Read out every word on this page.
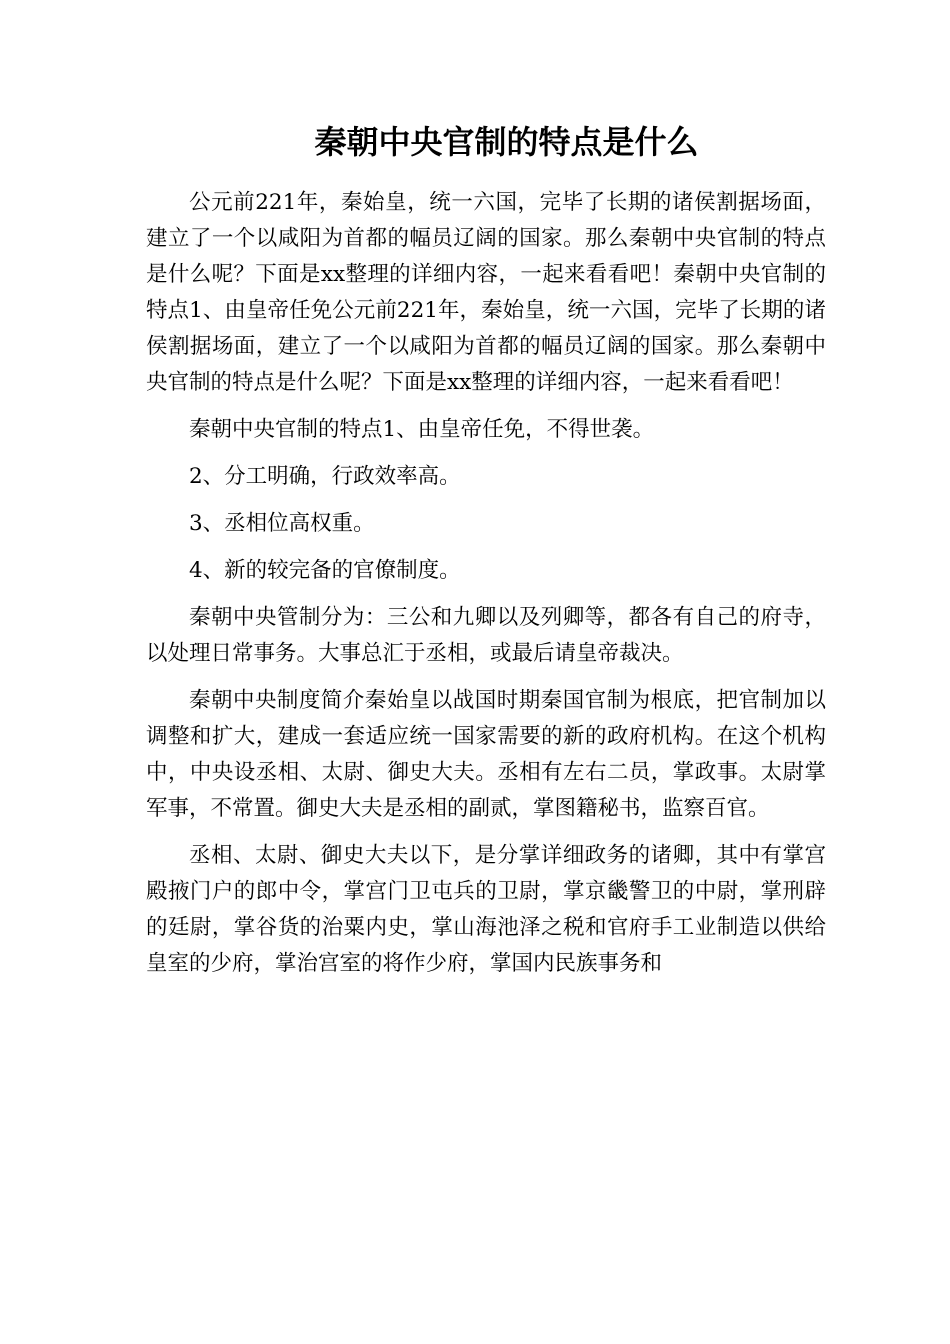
秦朝中央官制的特点是什么

公元前221年，秦始皇，统一六国，完毕了长期的诸侯割据场面，建立了一个以咸阳为首都的幅员辽阔的国家。那么秦朝中央官制的特点是什么呢？下面是xx整理的详细内容，一起来看看吧！秦朝中央官制的特点1、由皇帝任免公元前221年，秦始皇，统一六国，完毕了长期的诸侯割据场面，建立了一个以咸阳为首都的幅员辽阔的国家。那么秦朝中央官制的特点是什么呢？下面是xx整理的详细内容，一起来看看吧！

秦朝中央官制的特点1、由皇帝任免，不得世袭。

2、分工明确，行政效率高。

3、丞相位高权重。

4、新的较完备的官僚制度。

秦朝中央管制分为：三公和九卿以及列卿等，都各有自己的府寺，以处理日常事务。大事总汇于丞相，或最后请皇帝裁决。

秦朝中央制度简介秦始皇以战国时期秦国官制为根底，把官制加以调整和扩大，建成一套适应统一国家需要的新的政府机构。在这个机构中，中央设丞相、太尉、御史大夫。丞相有左右二员，掌政事。太尉掌军事，不常置。御史大夫是丞相的副贰，掌图籍秘书，监察百官。

丞相、太尉、御史大夫以下，是分掌详细政务的诸卿，其中有掌宫殿掖门户的郎中令，掌宫门卫屯兵的卫尉，掌京畿警卫的中尉，掌刑辟的廷尉，掌谷货的治粟内史，掌山海池泽之税和官府手工业制造以供给皇室的少府，掌治宫室的将作少府，掌国内民族事务和
